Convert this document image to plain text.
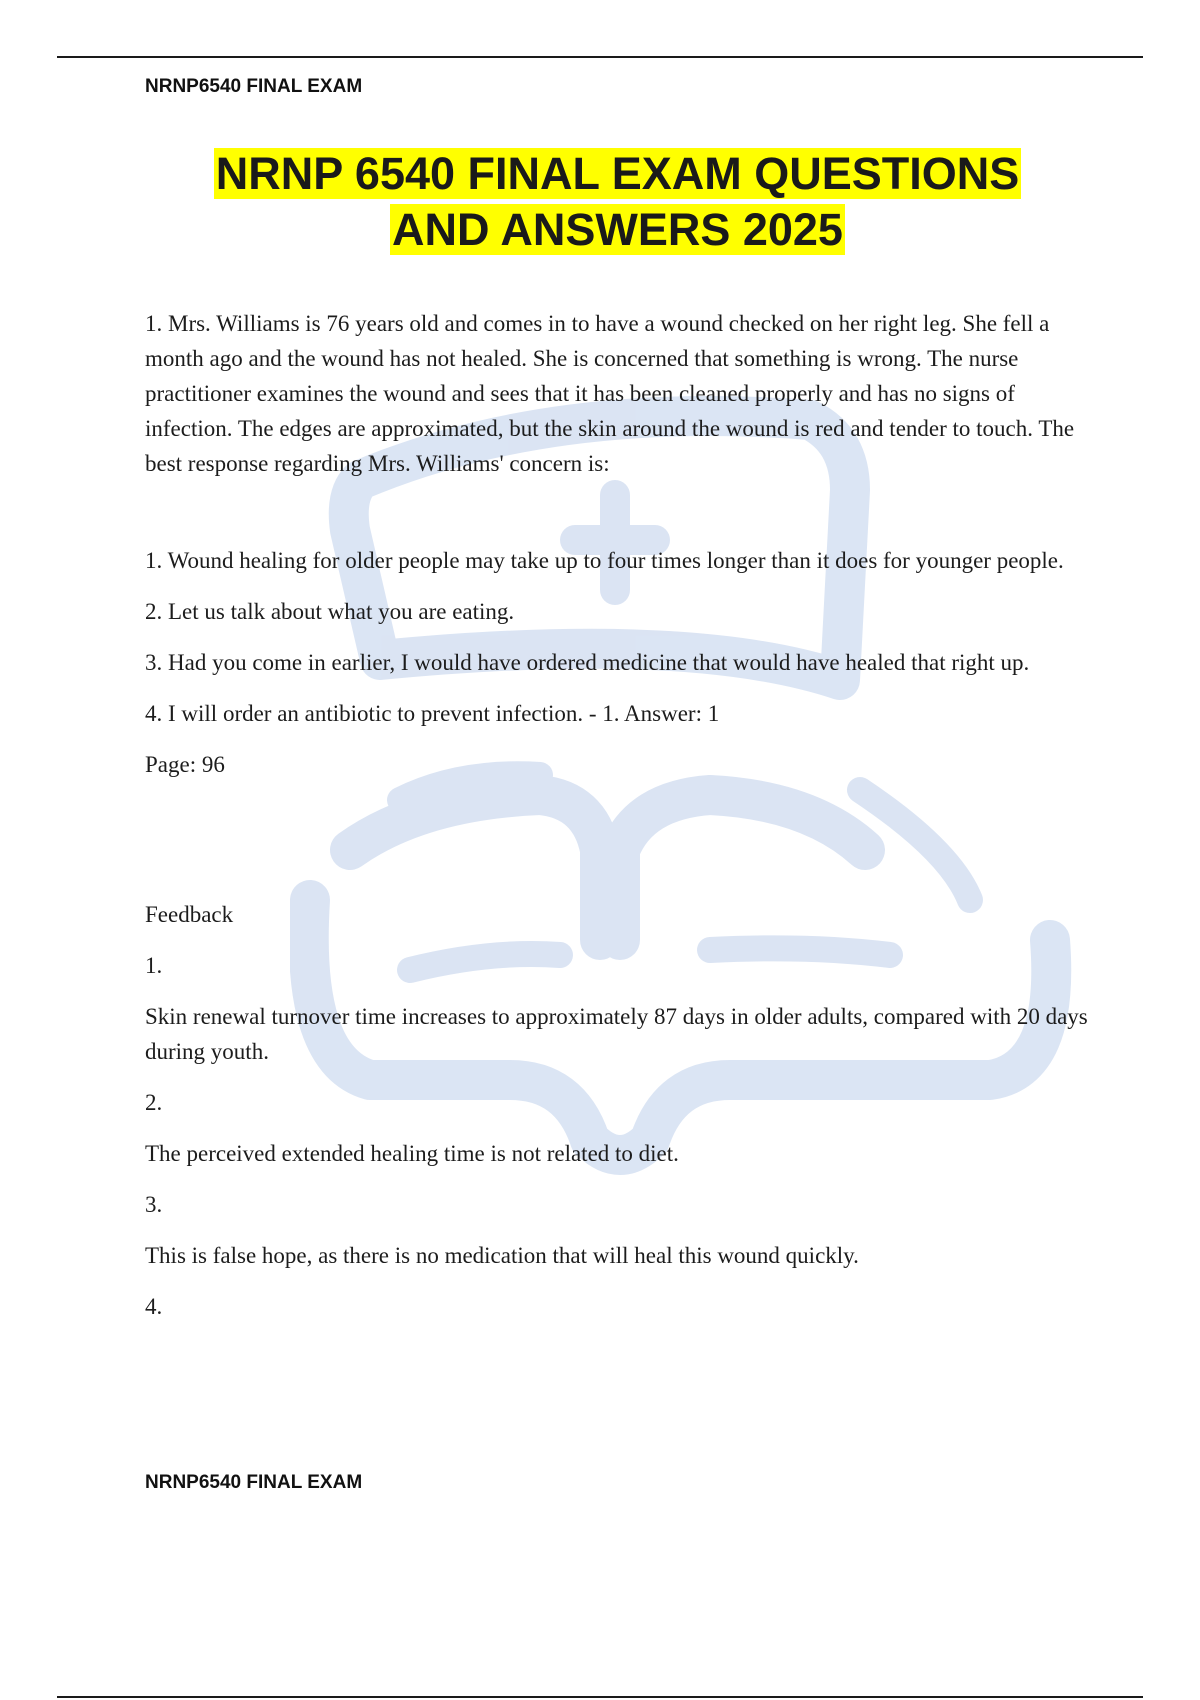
NRNP6540 FINAL EXAM
NRNP 6540 FINAL EXAM QUESTIONS
AND ANSWERS 2025

1. Mrs. Williams is 76 years old and comes in to have a wound checked on her right leg. She fell a month ago and the wound has not healed. She is concerned that something is wrong. The nurse practitioner examines the wound and sees that it has been cleaned properly and has no signs of infection. The edges are approximated, but the skin around the wound is red and tender to touch. The best response regarding Mrs. Williams' concern is:

1. Wound healing for older people may take up to four times longer than it does for younger people.

2. Let us talk about what you are eating.

3. Had you come in earlier, I would have ordered medicine that would have healed that right up.

4. I will order an antibiotic to prevent infection. - 1. Answer: 1

Page: 96

Feedback

1.

Skin renewal turnover time increases to approximately 87 days in older adults, compared with 20 days during youth.

2.

The perceived extended healing time is not related to diet.

3.

This is false hope, as there is no medication that will heal this wound quickly.

4.

NRNP6540 FINAL EXAM
